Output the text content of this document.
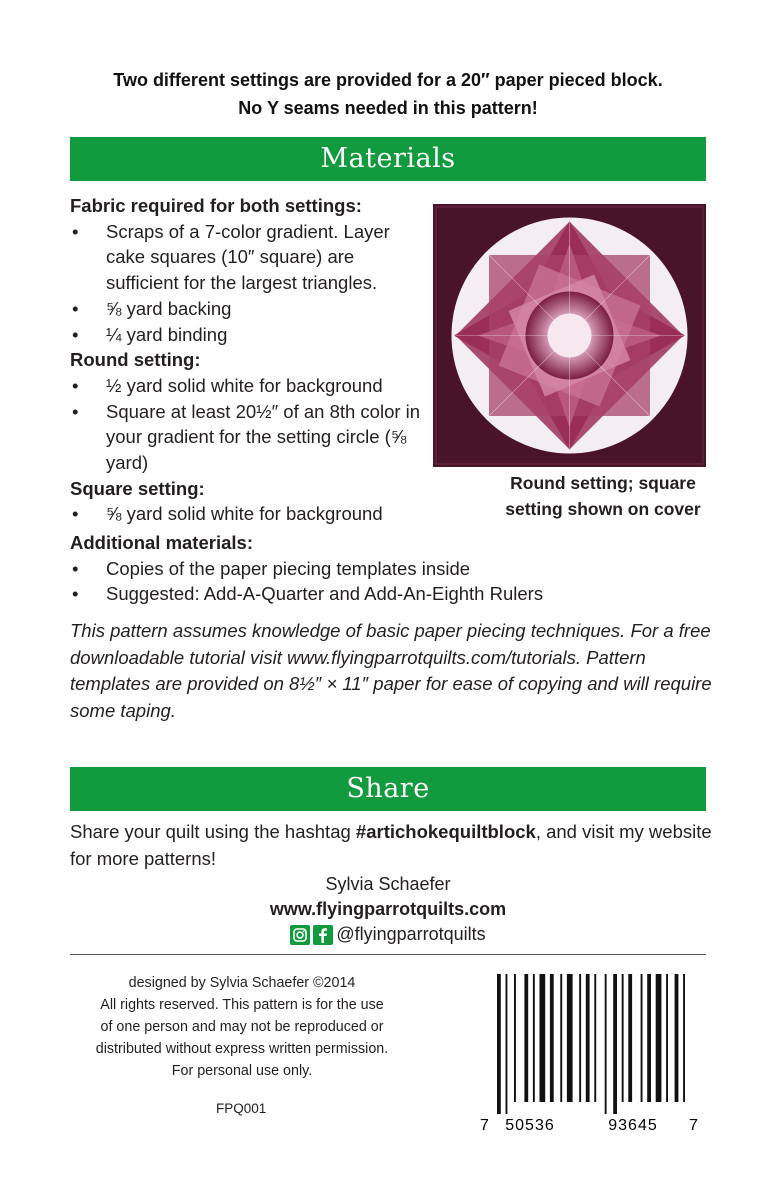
Two different settings are provided for a 20″ paper pieced block.
No Y seams needed in this pattern!
Materials
Fabric required for both settings:
• Scraps of a 7-color gradient. Layer cake squares (10″ square) are sufficient for the largest triangles.
• ⅝ yard backing
• ¼ yard binding
Round setting:
• ½ yard solid white for background
• Square at least 20½″ of an 8th color in your gradient for the setting circle (⅝ yard)
Square setting:
• ⅝ yard solid white for background
Additional materials:
• Copies of the paper piecing templates inside
• Suggested: Add-A-Quarter and Add-An-Eighth Rulers
This pattern assumes knowledge of basic paper piecing techniques. For a free downloadable tutorial visit www.flyingparrotquilts.com/tutorials. Pattern templates are provided on 8½″ × 11″ paper for ease of copying and will require some taping.
Round setting; square
setting shown on cover
Share
Share your quilt using the hashtag #artichokequiltblock, and visit my website for more patterns!
Sylvia Schaefer
www.flyingparrotquilts.com
@flyingparrotquilts
designed by Sylvia Schaefer ©2014
All rights reserved. This pattern is for the use
of one person and may not be reproduced or
distributed without express written permission.
For personal use only.
FPQ001
7 50536	93645 7
